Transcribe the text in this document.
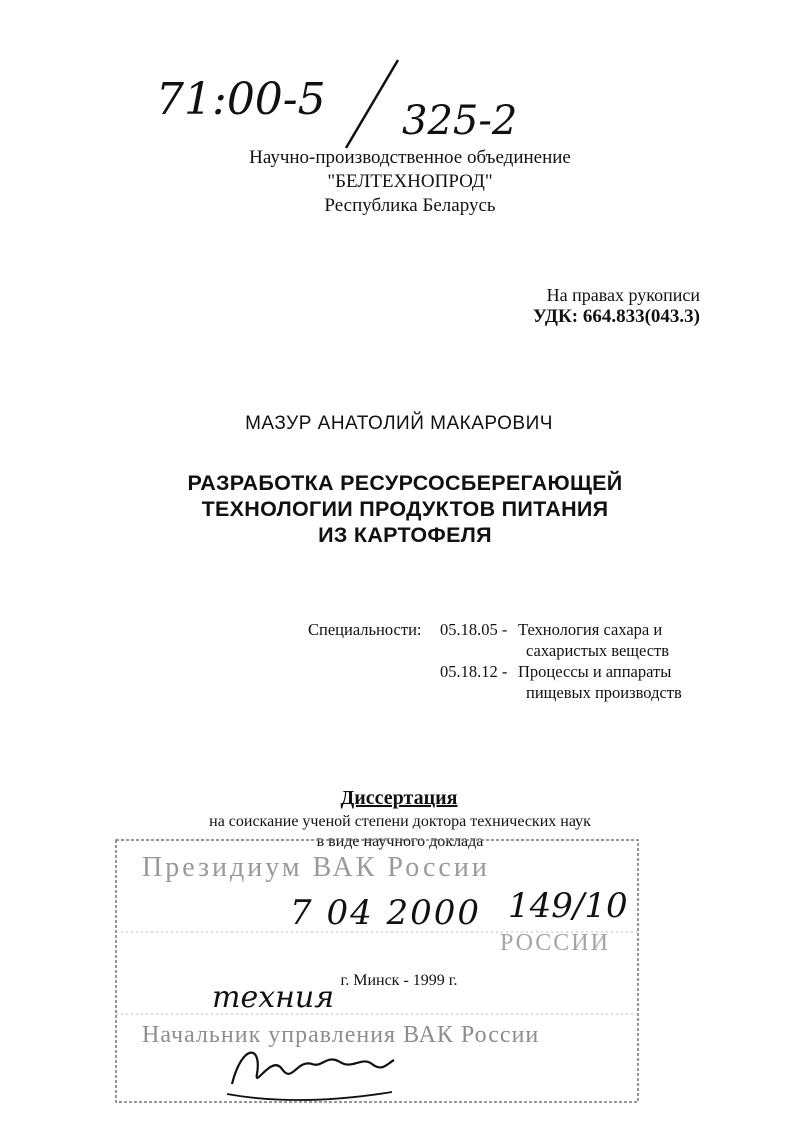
71:00-5 325-2
Научно-производственное объединение
"БЕЛТЕХНОПРОД"
Республика Беларусь
На правах рукописи
УДК: 664.833(043.3)
МАЗУР АНАТОЛИЙ МАКАРОВИЧ
РАЗРАБОТКА РЕСУРСОСБЕРЕГАЮЩЕЙ
ТЕХНОЛОГИИ ПРОДУКТОВ ПИТАНИЯ
ИЗ КАРТОФЕЛЯ
Специальности: 05.18.05 - Технология сахара и
сахаристых веществ
05.18.12 - Процессы и аппараты
пищевых производств
Диссертация
на соискание ученой степени доктора технических наук
в виде научного доклада
Президиум ВАК России
РОССИИ
Начальник управления ВАК России
7 04 2000 149/10
г. Минск - 1999 г.
техния
